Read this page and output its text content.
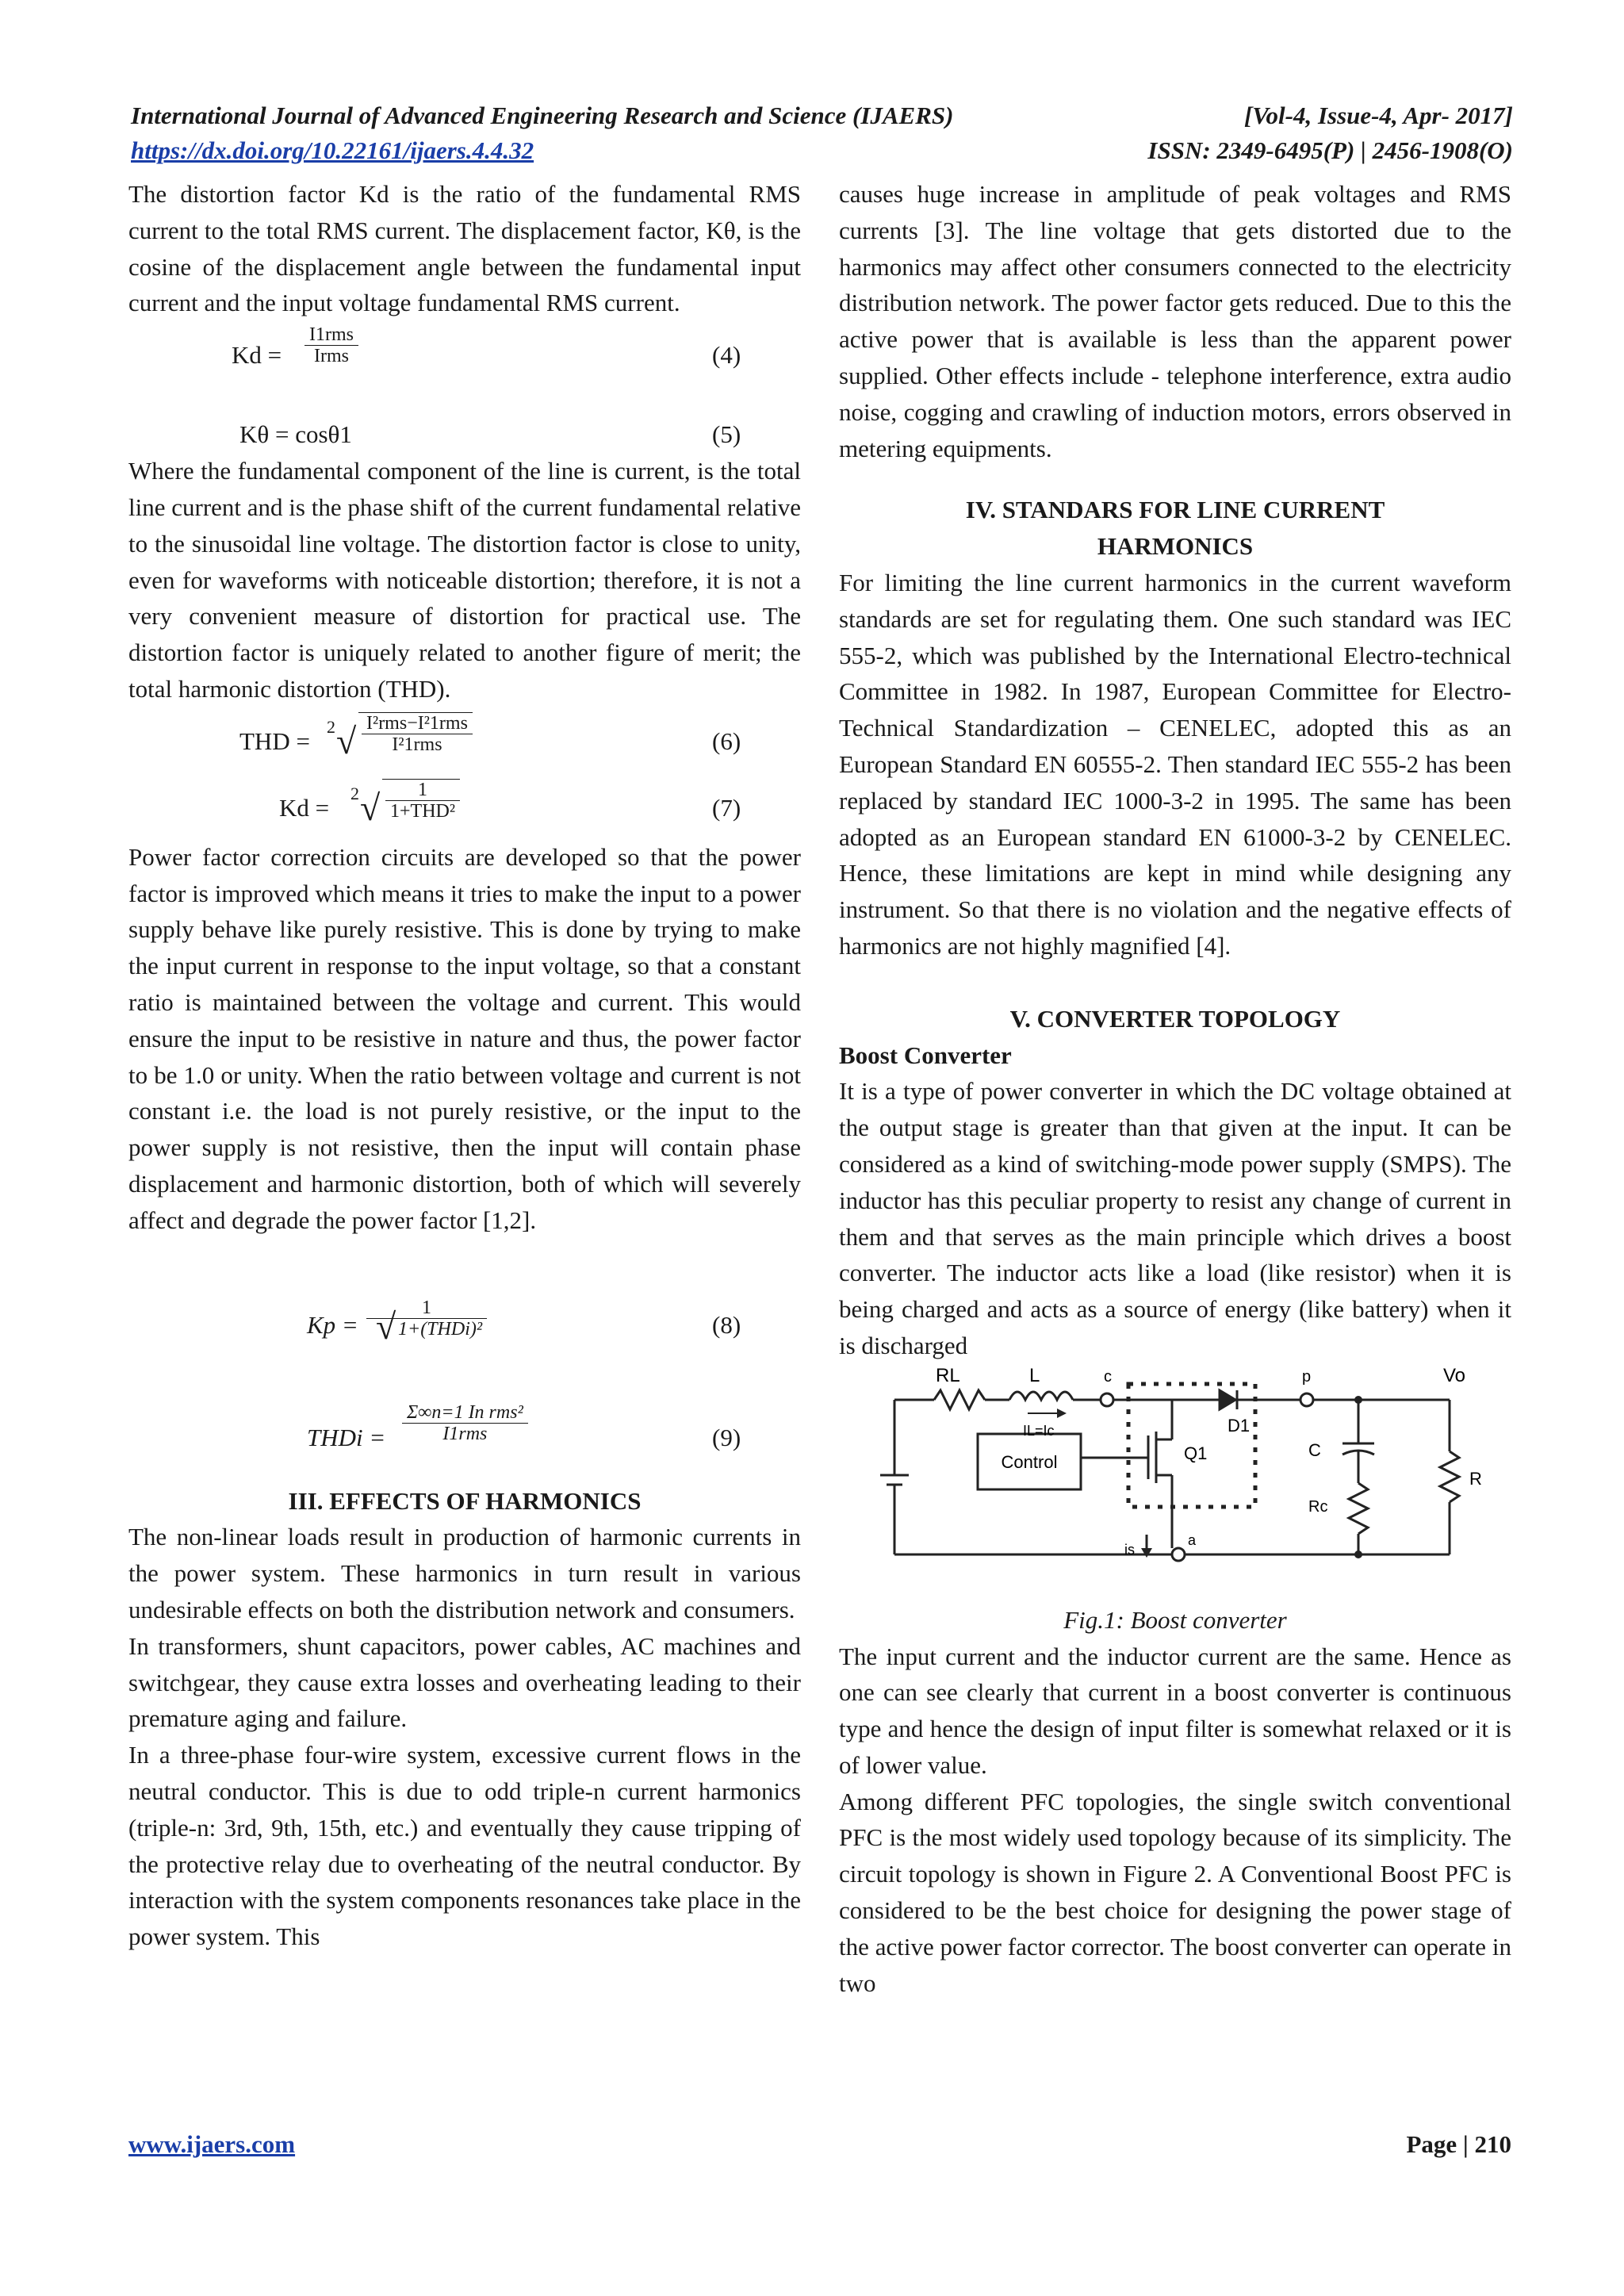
International Journal of Advanced Engineering Research and Science (IJAERS)	[Vol-4, Issue-4, Apr- 2017]
https://dx.doi.org/10.22161/ijaers.4.4.32	ISSN: 2349-6495(P) | 2456-1908(O)

The distortion factor Kd is the ratio of the fundamental RMS current to the total RMS current. The displacement factor, Kθ, is the cosine of the displacement angle between the fundamental input current and the input voltage fundamental RMS current.

Kd =
I1rms
Irms	(4)
Kθ = cosθ1	(5)

Where the fundamental component of the line is current, is the total line current and is the phase shift of the current fundamental relative to the sinusoidal line voltage. The distortion factor is close to unity, even for waveforms with noticeable distortion; therefore, it is not a very convenient measure of distortion for practical use. The distortion factor is uniquely related to another figure of merit; the total harmonic distortion (THD).

THD =
2 √ I²rms−I²1rms
I²1rms	(6)
Kd =
2 √	1
1+THD²	(7)

Power factor correction circuits are developed so that the power factor is improved which means it tries to make the input to a power supply behave like purely resistive. This is done by trying to make the input current in response to the input voltage, so that a constant ratio is maintained between the voltage and current. This would ensure the input to be resistive in nature and thus, the power factor to be 1.0 or unity. When the ratio between voltage and current is not constant i.e. the load is not purely resistive, or the input to the power supply is not resistive, then the input will contain phase displacement and harmonic distortion, both of which will severely affect and degrade the power factor [1,2].

Kp = √	1
1+(THDi)²	(8)
THDi =
Σ∞n=1 In rms²
I1rms	(9)

III. EFFECTS OF HARMONICS

The non-linear loads result in production of harmonic currents in the power system. These harmonics in turn result in various undesirable effects on both the distribution network and consumers.

In transformers, shunt capacitors, power cables, AC machines and switchgear, they cause extra losses and overheating leading to their premature aging and failure.

In a three-phase four-wire system, excessive current flows in the neutral conductor. This is due to odd triple-n current harmonics (triple-n: 3rd, 9th, 15th, etc.) and eventually they cause tripping of the protective relay due to overheating of the neutral conductor. By interaction with the system components resonances take place in the power system. This

causes huge increase in amplitude of peak voltages and RMS currents [3]. The line voltage that gets distorted due to the harmonics may affect other consumers connected to the electricity distribution network. The power factor gets reduced. Due to this the active power that is available is less than the apparent power supplied. Other effects include - telephone interference, extra audio noise, cogging and crawling of induction motors, errors observed in metering equipments.

IV. STANDARS FOR LINE CURRENT

HARMONICS

For limiting the line current harmonics in the current waveform standards are set for regulating them. One such standard was IEC 555-2, which was published by the International Electro-technical Committee in 1982. In 1987, European Committee for Electro-Technical Standardization – CENELEC, adopted this as an European Standard EN 60555-2. Then standard IEC 555-2 has been replaced by standard IEC 1000-3-2 in 1995. The same has been adopted as an European standard EN 61000-3-2 by CENELEC. Hence, these limitations are kept in mind while designing any instrument. So that there is no violation and the negative effects of harmonics are not highly magnified [4].

V. CONVERTER TOPOLOGY

Boost Converter

It is a type of power converter in which the DC voltage obtained at the output stage is greater than that given at the input. It can be considered as a kind of switching-mode power supply (SMPS). The inductor has this peculiar property to resist any change of current in them and that serves as the main principle which drives a boost converter. The inductor acts like a load (like resistor) when it is being charged and acts as a source of energy (like battery) when it is discharged

RL	L	c	p	Vo
IL=Ic	D1
C
Q1
Control
Rc
R
is
a

Fig.1: Boost converter

The input current and the inductor current are the same. Hence as one can see clearly that current in a boost converter is continuous type and hence the design of input filter is somewhat relaxed or it is of lower value.

Among different PFC topologies, the single switch conventional PFC is the most widely used topology because of its simplicity. The circuit topology is shown in Figure 2. A Conventional Boost PFC is considered to be the best choice for designing the power stage of the active power factor corrector. The boost converter can operate in two

www.ijaers.com	Page | 210
